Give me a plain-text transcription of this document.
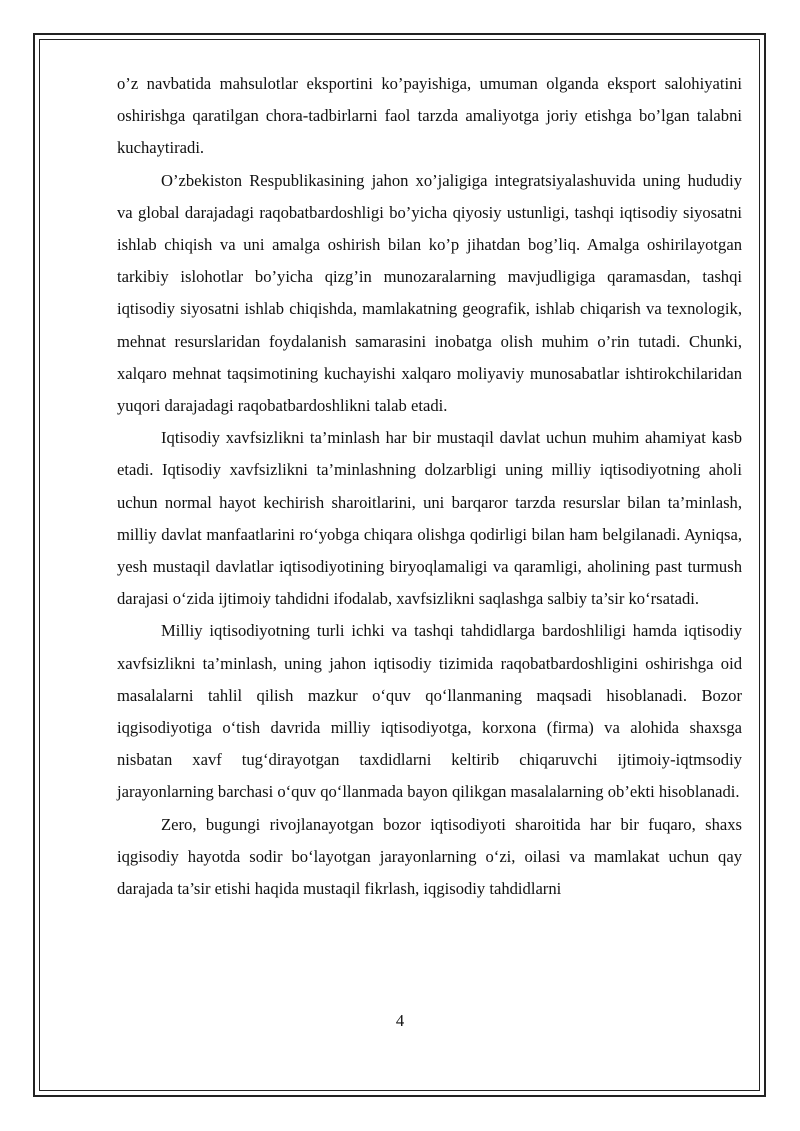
o’z navbatida mahsulotlar eksportini ko’payishiga, umuman olganda eksport salohiyatini oshirishga qaratilgan chora-tadbirlarni faol tarzda amaliyotga joriy etishga bo’lgan talabni kuchaytiradi.

O’zbekiston Respublikasining jahon xo’jaligiga integratsiyalashuvida uning hududiy va global darajadagi raqobatbardoshligi bo’yicha qiyosiy ustunligi, tashqi iqtisodiy siyosatni ishlab chiqish va uni amalga oshirish bilan ko’p jihatdan bog’liq. Amalga oshirilayotgan tarkibiy islohotlar bo’yicha qizg’in munozaralarning mavjudligiga qaramasdan, tashqi iqtisodiy siyosatni ishlab chiqishda, mamlakatning geografik, ishlab chiqarish va texnologik, mehnat resurslaridan foydalanish samarasini inobatga olish muhim o’rin tutadi. Chunki, xalqaro mehnat taqsimotining kuchayishi xalqaro moliyaviy munosabatlar ishtirokchilaridan yuqori darajadagi raqobatbardoshlikni talab etadi.

Iqtisodiy xavfsizlikni ta’minlash har bir mustaqil davlat uchun muhim ahamiyat kasb etadi. Iqtisodiy xavfsizlikni ta’minlashning dolzarbligi uning milliy iqtisodiyotning aholi uchun normal hayot kechirish sharoitlarini, uni barqaror tarzda resurslar bilan ta’minlash, milliy davlat manfaatlarini ro‘yobga chiqara olishga qodirligi bilan ham belgilanadi. Ayniqsa, yesh mustaqil davlatlar iqtisodiyotining biryoqlamaligi va qaramligi, aholining past turmush darajasi o‘zida ijtimoiy tahdidni ifodalab, xavfsizlikni saqlashga salbiy ta’sir ko‘rsatadi.

Milliy iqtisodiyotning turli ichki va tashqi tahdidlarga bardoshliligi hamda iqtisodiy xavfsizlikni ta’minlash, uning jahon iqtisodiy tizimida raqobatbardoshligini oshirishga oid masalalarni tahlil qilish mazkur o‘quv qo‘llanmaning maqsadi hisoblanadi. Bozor iqgisodiyotiga o‘tish davrida milliy iqtisodiyotga, korxona (firma) va alohida shaxsga nisbatan xavf tug‘dirayotgan taxdidlarni keltirib chiqaruvchi ijtimoiy-iqtmsodiy jarayonlarning barchasi o‘quv qo‘llanmada bayon qilikgan masalalarning ob’ekti hisoblanadi.

Zero, bugungi rivojlanayotgan bozor iqtisodiyoti sharoitida har bir fuqaro, shaxs iqgisodiy hayotda sodir bo‘layotgan jarayonlarning o‘zi, oilasi va mamlakat uchun qay darajada ta’sir etishi haqida mustaqil fikrlash, iqgisodiy tahdidlarni

4
